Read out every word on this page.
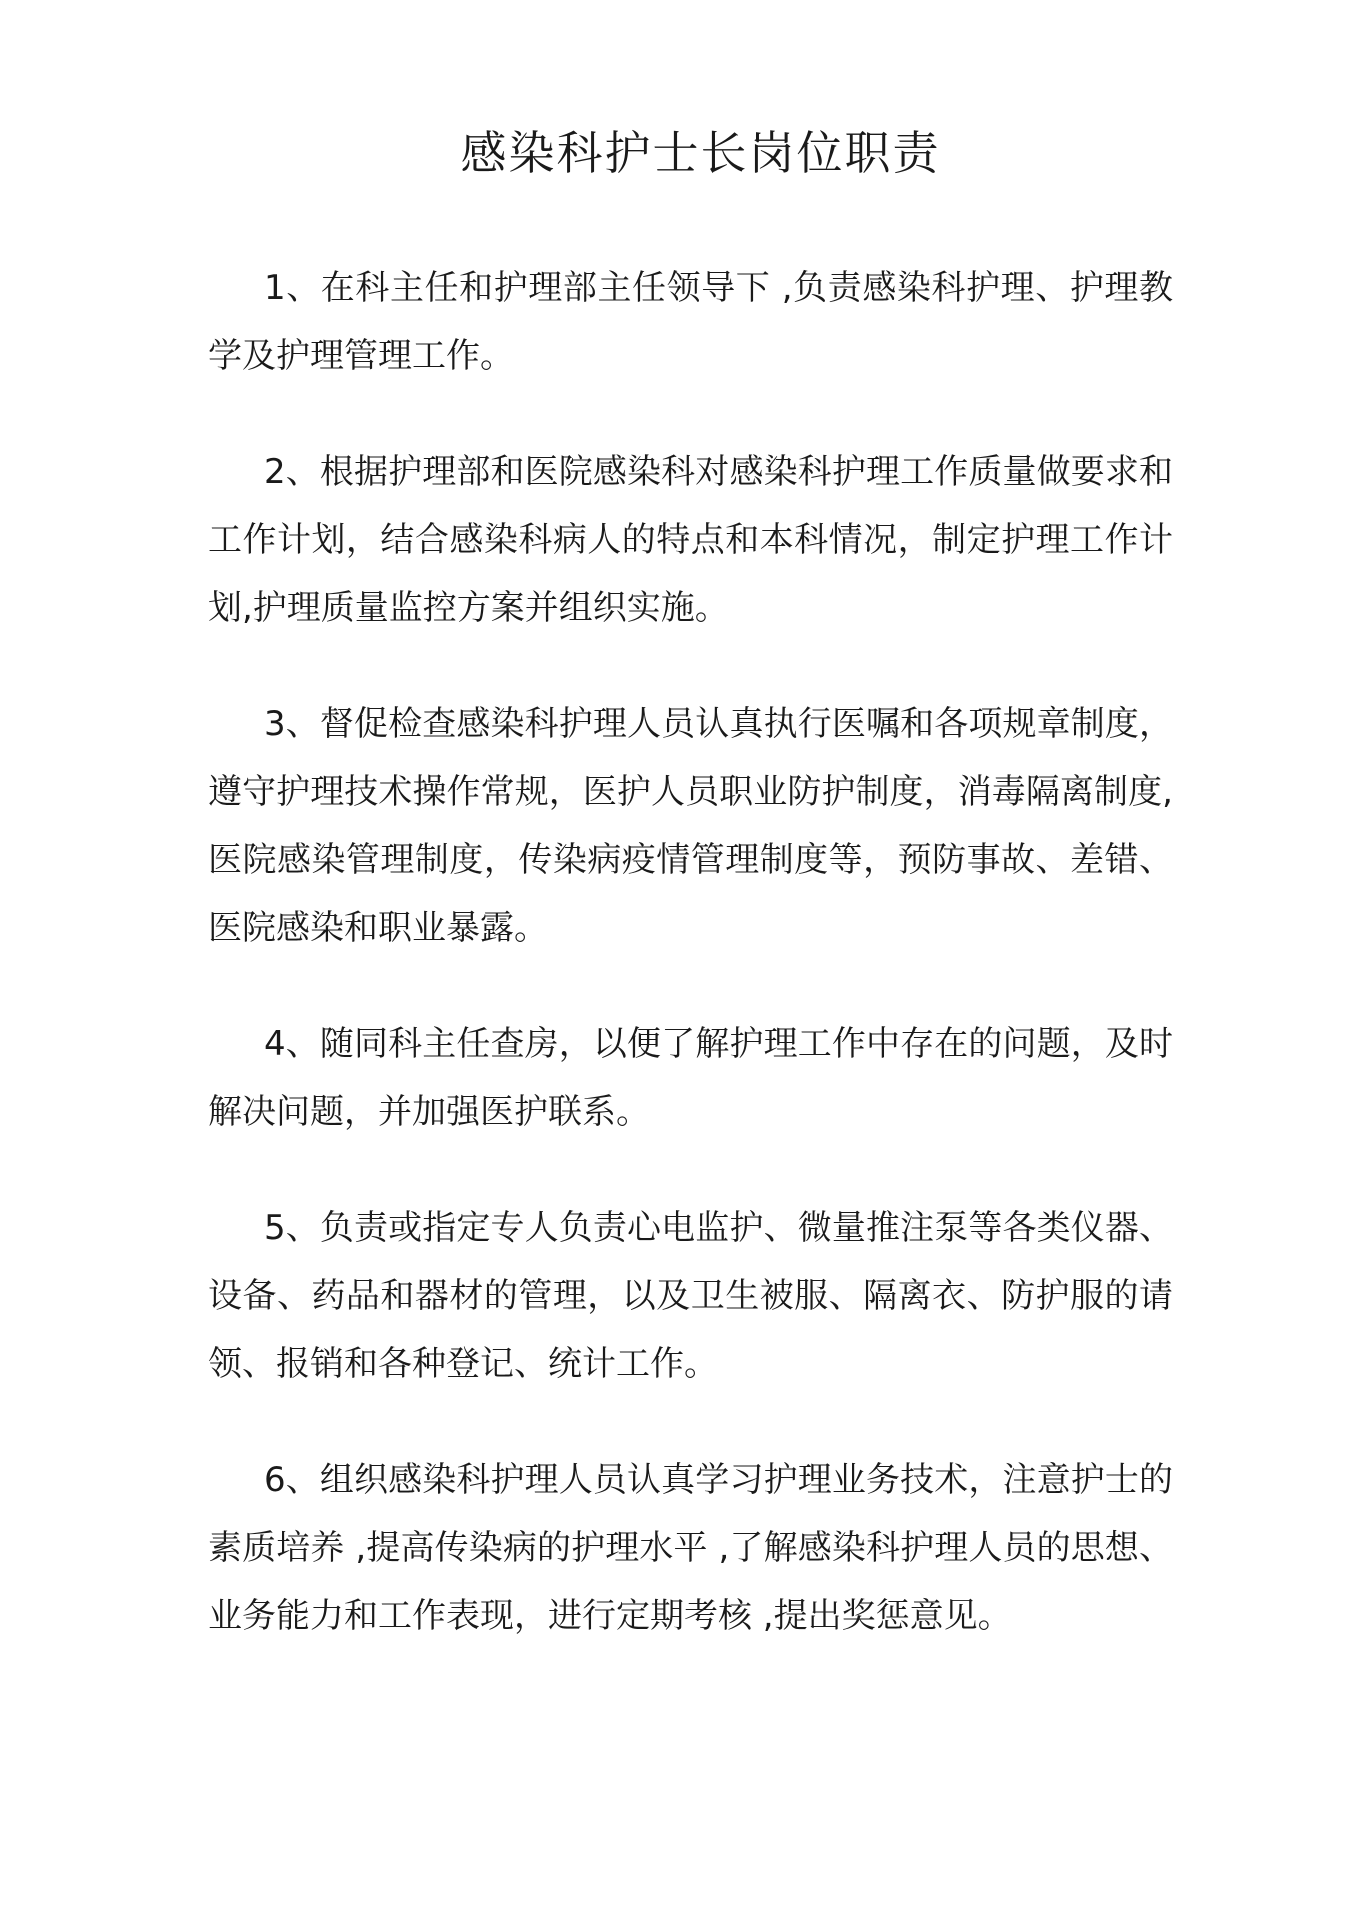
感染科护士长岗位职责

1、在科主任和护理部主任领导下 ,负责感染科护理、护理教学及护理管理工作。

2、根据护理部和医院感染科对感染科护理工作质量做要求和工作计划，结合感染科病人的特点和本科情况，制定护理工作计划,护理质量监控方案并组织实施。

3、督促检查感染科护理人员认真执行医嘱和各项规章制度，遵守护理技术操作常规，医护人员职业防护制度，消毒隔离制度,医院感染管理制度，传染病疫情管理制度等，预防事故、差错、医院感染和职业暴露。

4、随同科主任查房，以便了解护理工作中存在的问题，及时解决问题，并加强医护联系。

5、负责或指定专人负责心电监护、微量推注泵等各类仪器、设备、药品和器材的管理，以及卫生被服、隔离衣、防护服的请领、报销和各种登记、统计工作。

6、组织感染科护理人员认真学习护理业务技术，注意护士的素质培养 ,提高传染病的护理水平 ,了解感染科护理人员的思想、业务能力和工作表现，进行定期考核 ,提出奖惩意见。
